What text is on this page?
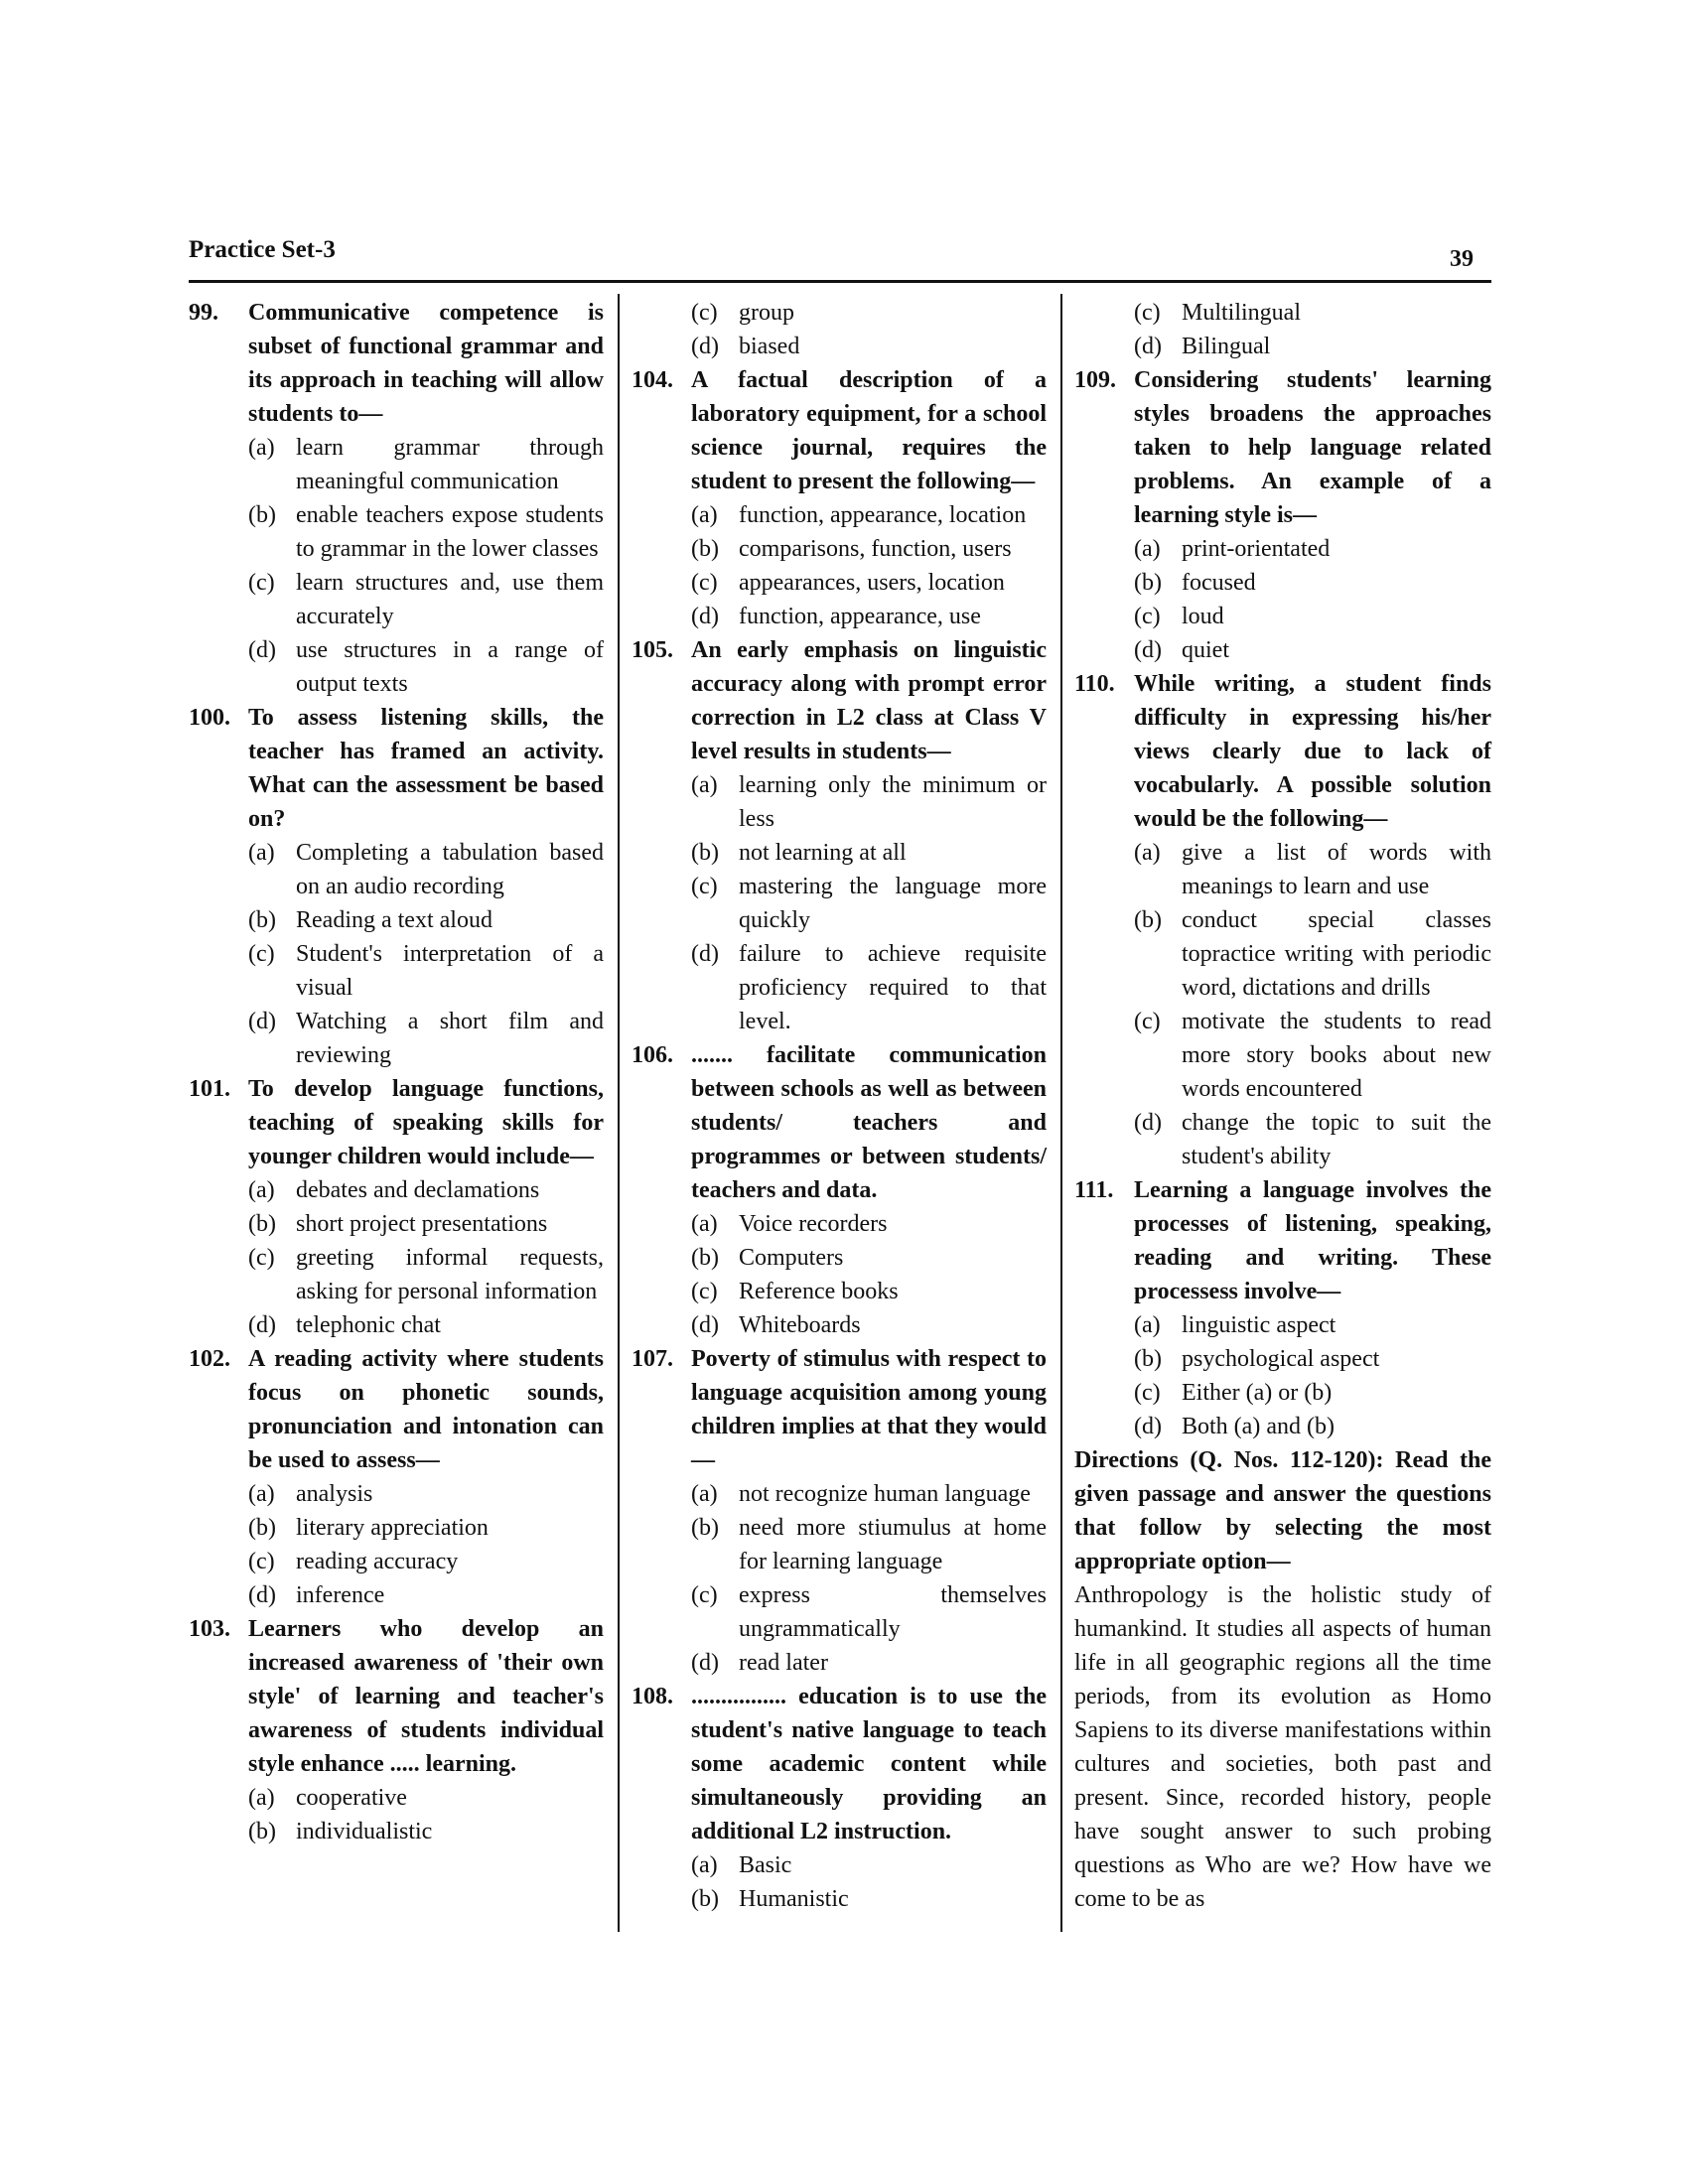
Practice Set-3	39
99.	Communicative competence is subset of functional grammar and its approach in teaching will allow students to—
(a) learn grammar through meaningful communication
(b) enable teachers expose students to grammar in the lower classes
(c) learn structures and, use them accurately
(d) use structures in a range of output texts
100. To assess listening skills, the teacher has framed an activity. What can the assessment be based on?
(a) Completing a tabulation based on an audio recording
(b) Reading a text aloud
(c) Student's interpretation of a visual
(d) Watching a short film and reviewing
101. To develop language functions, teaching of speaking skills for younger children would include—
(a) debates and declamations
(b) short project presentations
(c) greeting informal requests, asking for personal information
(d) telephonic chat
102. A reading activity where students focus on phonetic sounds, pronunciation and intonation can be used to assess—
(a) analysis
(b) literary appreciation
(c) reading accuracy
(d) inference
103. Learners who develop an increased awareness of 'their own style' of learning and teacher's awareness of students individual style enhance ..... learning.
(a) cooperative
(b) individualistic
(c) group
(d) biased
104. A factual description of a laboratory equipment, for a school science journal, requires the student to present the following—
(a) function, appearance, location
(b) comparisons, function, users
(c) appearances, users, location
(d) function, appearance, use
105. An early emphasis on linguistic accuracy along with prompt error correction in L2 class at Class V level results in students—
(a) learning only the minimum or less
(b) not learning at all
(c) mastering the language more quickly
(d) failure to achieve requisite proficiency required to that level.
106. ....... facilitate communication between schools as well as between students/ teachers and programmes or between students/ teachers and data.
(a) Voice recorders
(b) Computers
(c) Reference books
(d) Whiteboards
107. Poverty of stimulus with respect to language acquisition among young children implies at that they would—
(a) not recognize human language
(b) need more stiumulus at home for learning language
(c) express themselves ungrammatically
(d) read later
108. ................ education is to use the student's native language to teach some academic content while simultaneously providing an additional L2 instruction.
(a) Basic
(b) Humanistic
(c) Multilingual
(d) Bilingual
109. Considering students' learning styles broadens the approaches taken to help language related problems. An example of a learning style is—
(a) print-orientated
(b) focused
(c) loud
(d) quiet
110. While writing, a student finds difficulty in expressing his/her views clearly due to lack of vocabularly. A possible solution would be the following—
(a) give a list of words with meanings to learn and use
(b) conduct special classes topractice writing with periodic word, dictations and drills
(c) motivate the students to read more story books about new words encountered
(d) change the topic to suit the student's ability
111. Learning a language involves the processes of listening, speaking, reading and writing. These processess involve—
(a) linguistic aspect
(b) psychological aspect
(c) Either (a) or (b)
(d) Both (a) and (b)
Directions (Q. Nos. 112-120): Read the given passage and answer the questions that follow by selecting the most appropriate option—
Anthropology is the holistic study of humankind. It studies all aspects of human life in all geographic regions all the time periods, from its evolution as Homo Sapiens to its diverse manifestations within cultures and societies, both past and present. Since, recorded history, people have sought answer to such probing questions as Who are we? How have we come to be as
